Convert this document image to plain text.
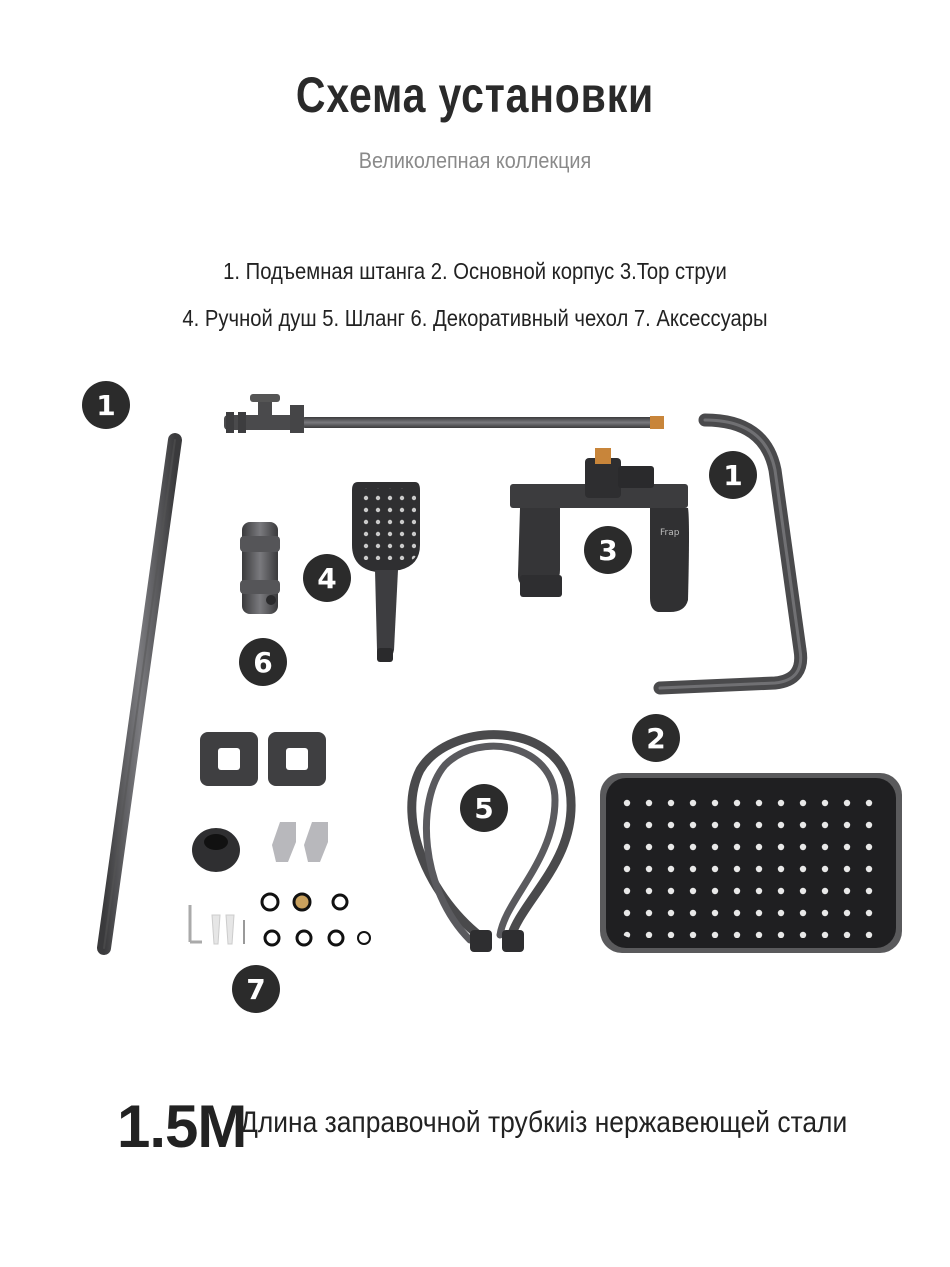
Схема установки
Великолепная коллекция
1. Подъемная штанга 2. Основной корпус 3.Top струи
4. Ручной душ 5. Шланг 6. Декоративный чехол 7. Аксессуары
Frap
1
1
2
3
4
5
6
7
1.5M
Длина заправочной трубкиiз нержавеющей стали
